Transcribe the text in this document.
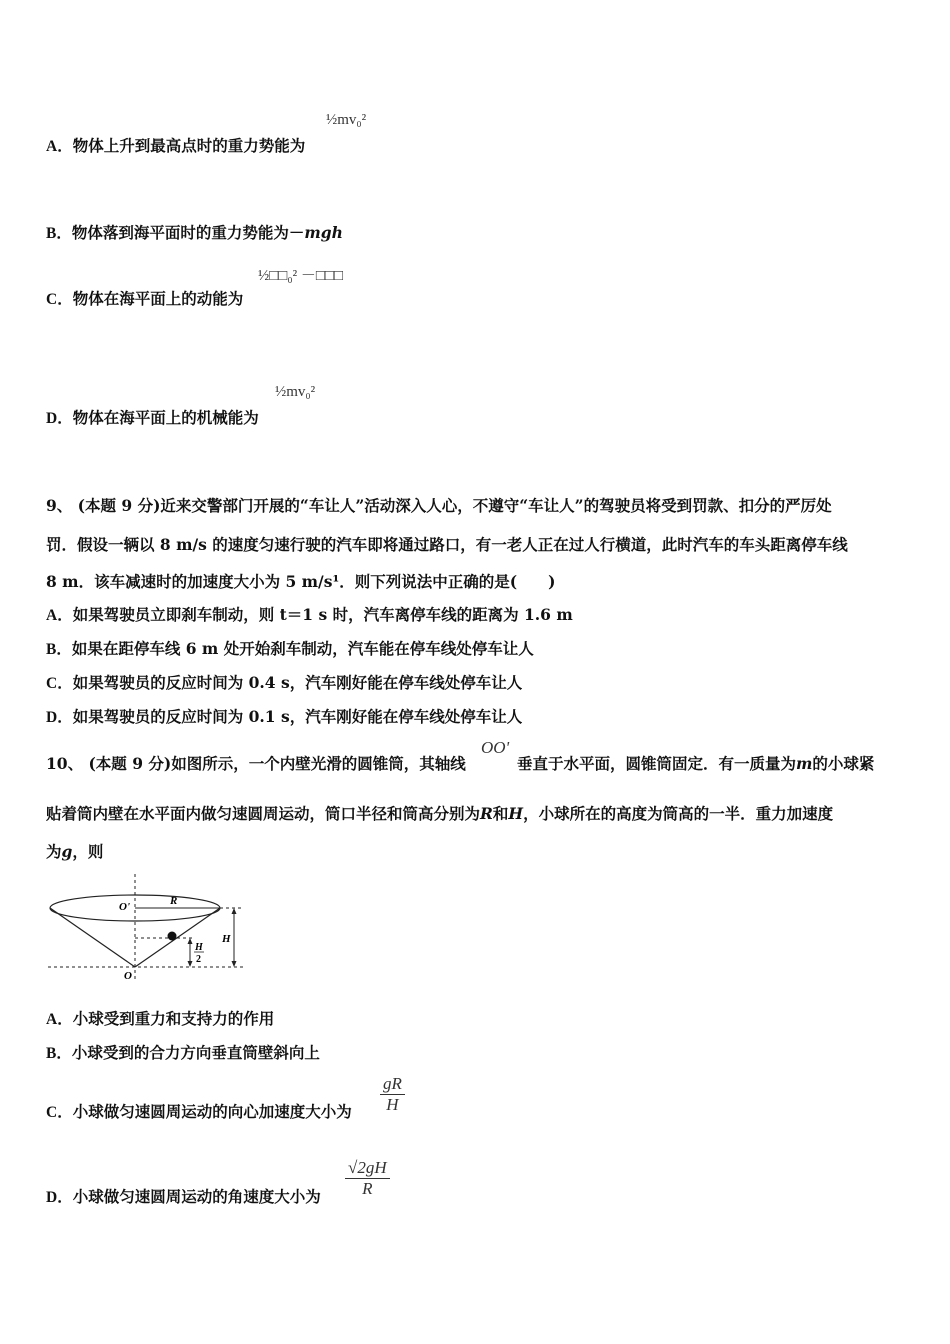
A．物体上升到最高点时的重力势能为
½mv₀²
B．物体落到海平面时的重力势能为－mgh
C．物体在海平面上的动能为
½□□₀² －□□□
D．物体在海平面上的机械能为
½mv₀²
9、 (本题 9 分)近来交警部门开展的“车让人”活动深入人心，不遵守“车让人”的驾驶员将受到罚款、扣分的严厉处
罚．假设一辆以 8 m/s 的速度匀速行驶的汽车即将通过路口，有一老人正在过人行横道，此时汽车的车头距离停车线
8 m．该车减速时的加速度大小为 5 m/s¹．则下列说法中正确的是(　　)
A．如果驾驶员立即刹车制动，则 t＝1 s 时，汽车离停车线的距离为 1.6 m
B．如果在距停车线 6 m 处开始刹车制动，汽车能在停车线处停车让人
C．如果驾驶员的反应时间为 0.4 s，汽车刚好能在停车线处停车让人
D．如果驾驶员的反应时间为 0.1 s，汽车刚好能在停车线处停车让人
10、 (本题 9 分)如图所示，一个内壁光滑的圆锥筒，其轴线
OO'
垂直于水平面，圆锥筒固定．有一质量为m的小球紧
贴着筒内壁在水平面内做匀速圆周运动，筒口半径和筒高分别为R和H，小球所在的高度为筒高的一半．重力加速度
为g，则
O'	R
H
H
2
O
A．小球受到重力和支持力的作用
B．小球受到的合力方向垂直筒壁斜向上
C．小球做匀速圆周运动的向心加速度大小为 $\frac{gR}{H}$
D．小球做匀速圆周运动的角速度大小为 $\frac{√2gH}{R}$
